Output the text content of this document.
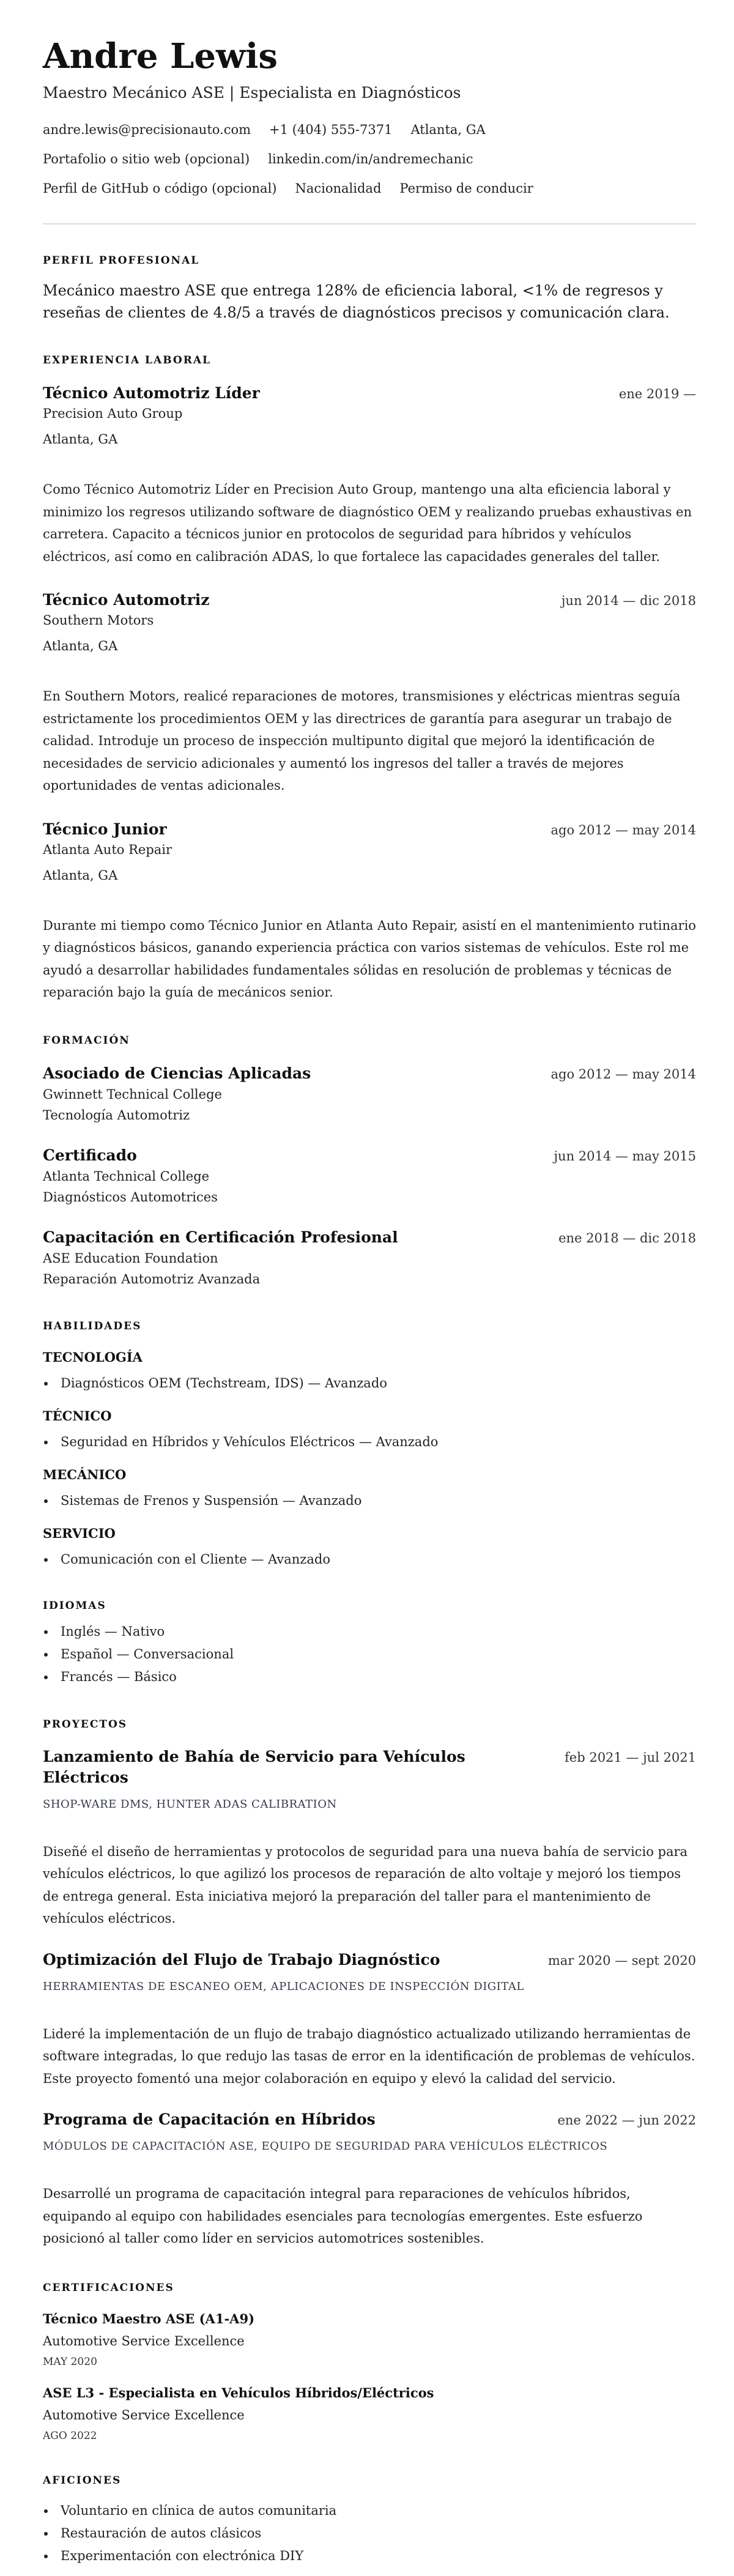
Andre Lewis
Maestro Mecánico ASE | Especialista en Diagnósticos
andre.lewis@precisionauto.com +1 (404) 555-7371 Atlanta, GA
Portafolio o sitio web (opcional) linkedin.com/in/andremechanic
Perfil de GitHub o código (opcional) Nacionalidad Permiso de conducir
PERFIL PROFESIONAL
Mecánico maestro ASE que entrega 128% de eficiencia laboral, <1% de regresos y reseñas de clientes de 4.8/5 a través de diagnósticos precisos y comunicación clara.
EXPERIENCIA LABORAL
Técnico Automotriz Líder	ene 2019 —
Precision Auto Group
Atlanta, GA
Como Técnico Automotriz Líder en Precision Auto Group, mantengo una alta eficiencia laboral y minimizo los regresos utilizando software de diagnóstico OEM y realizando pruebas exhaustivas en carretera. Capacito a técnicos junior en protocolos de seguridad para híbridos y vehículos eléctricos, así como en calibración ADAS, lo que fortalece las capacidades generales del taller.
Técnico Automotriz	jun 2014 — dic 2018
Southern Motors
Atlanta, GA
En Southern Motors, realicé reparaciones de motores, transmisiones y eléctricas mientras seguía estrictamente los procedimientos OEM y las directrices de garantía para asegurar un trabajo de calidad. Introduje un proceso de inspección multipunto digital que mejoró la identificación de necesidades de servicio adicionales y aumentó los ingresos del taller a través de mejores oportunidades de ventas adicionales.
Técnico Junior	ago 2012 — may 2014
Atlanta Auto Repair
Atlanta, GA
Durante mi tiempo como Técnico Junior en Atlanta Auto Repair, asistí en el mantenimiento rutinario y diagnósticos básicos, ganando experiencia práctica con varios sistemas de vehículos. Este rol me ayudó a desarrollar habilidades fundamentales sólidas en resolución de problemas y técnicas de reparación bajo la guía de mecánicos senior.
FORMACIÓN
Asociado de Ciencias Aplicadas	ago 2012 — may 2014
Gwinnett Technical College
Tecnología Automotriz
Certificado	jun 2014 — may 2015
Atlanta Technical College
Diagnósticos Automotrices
Capacitación en Certificación Profesional	ene 2018 — dic 2018
ASE Education Foundation
Reparación Automotriz Avanzada
HABILIDADES
TECNOLOGÍA
Diagnósticos OEM (Techstream, IDS) — Avanzado
TÉCNICO
Seguridad en Híbridos y Vehículos Eléctricos — Avanzado
MECÁNICO
Sistemas de Frenos y Suspensión — Avanzado
SERVICIO
Comunicación con el Cliente — Avanzado
IDIOMAS
Inglés — Nativo
Español — Conversacional
Francés — Básico
PROYECTOS
Lanzamiento de Bahía de Servicio para Vehículos Eléctricos
feb 2021 — jul 2021
SHOP-WARE DMS, HUNTER ADAS CALIBRATION
Diseñé el diseño de herramientas y protocolos de seguridad para una nueva bahía de servicio para vehículos eléctricos, lo que agilizó los procesos de reparación de alto voltaje y mejoró los tiempos de entrega general. Esta iniciativa mejoró la preparación del taller para el mantenimiento de vehículos eléctricos.
Optimización del Flujo de Trabajo Diagnóstico	mar 2020 — sept 2020
HERRAMIENTAS DE ESCANEO OEM, APLICACIONES DE INSPECCIÓN DIGITAL
Lideré la implementación de un flujo de trabajo diagnóstico actualizado utilizando herramientas de software integradas, lo que redujo las tasas de error en la identificación de problemas de vehículos. Este proyecto fomentó una mejor colaboración en equipo y elevó la calidad del servicio.
Programa de Capacitación en Híbridos	ene 2022 — jun 2022
MÓDULOS DE CAPACITACIÓN ASE, EQUIPO DE SEGURIDAD PARA VEHÍCULOS ELÉCTRICOS
Desarrollé un programa de capacitación integral para reparaciones de vehículos híbridos, equipando al equipo con habilidades esenciales para tecnologías emergentes. Este esfuerzo posicionó al taller como líder en servicios automotrices sostenibles.
CERTIFICACIONES
Técnico Maestro ASE (A1-A9)
Automotive Service Excellence
MAY 2020
ASE L3 - Especialista en Vehículos Híbridos/Eléctricos
Automotive Service Excellence
AGO 2022
AFICIONES
Voluntario en clínica de autos comunitaria
Restauración de autos clásicos
Experimentación con electrónica DIY
